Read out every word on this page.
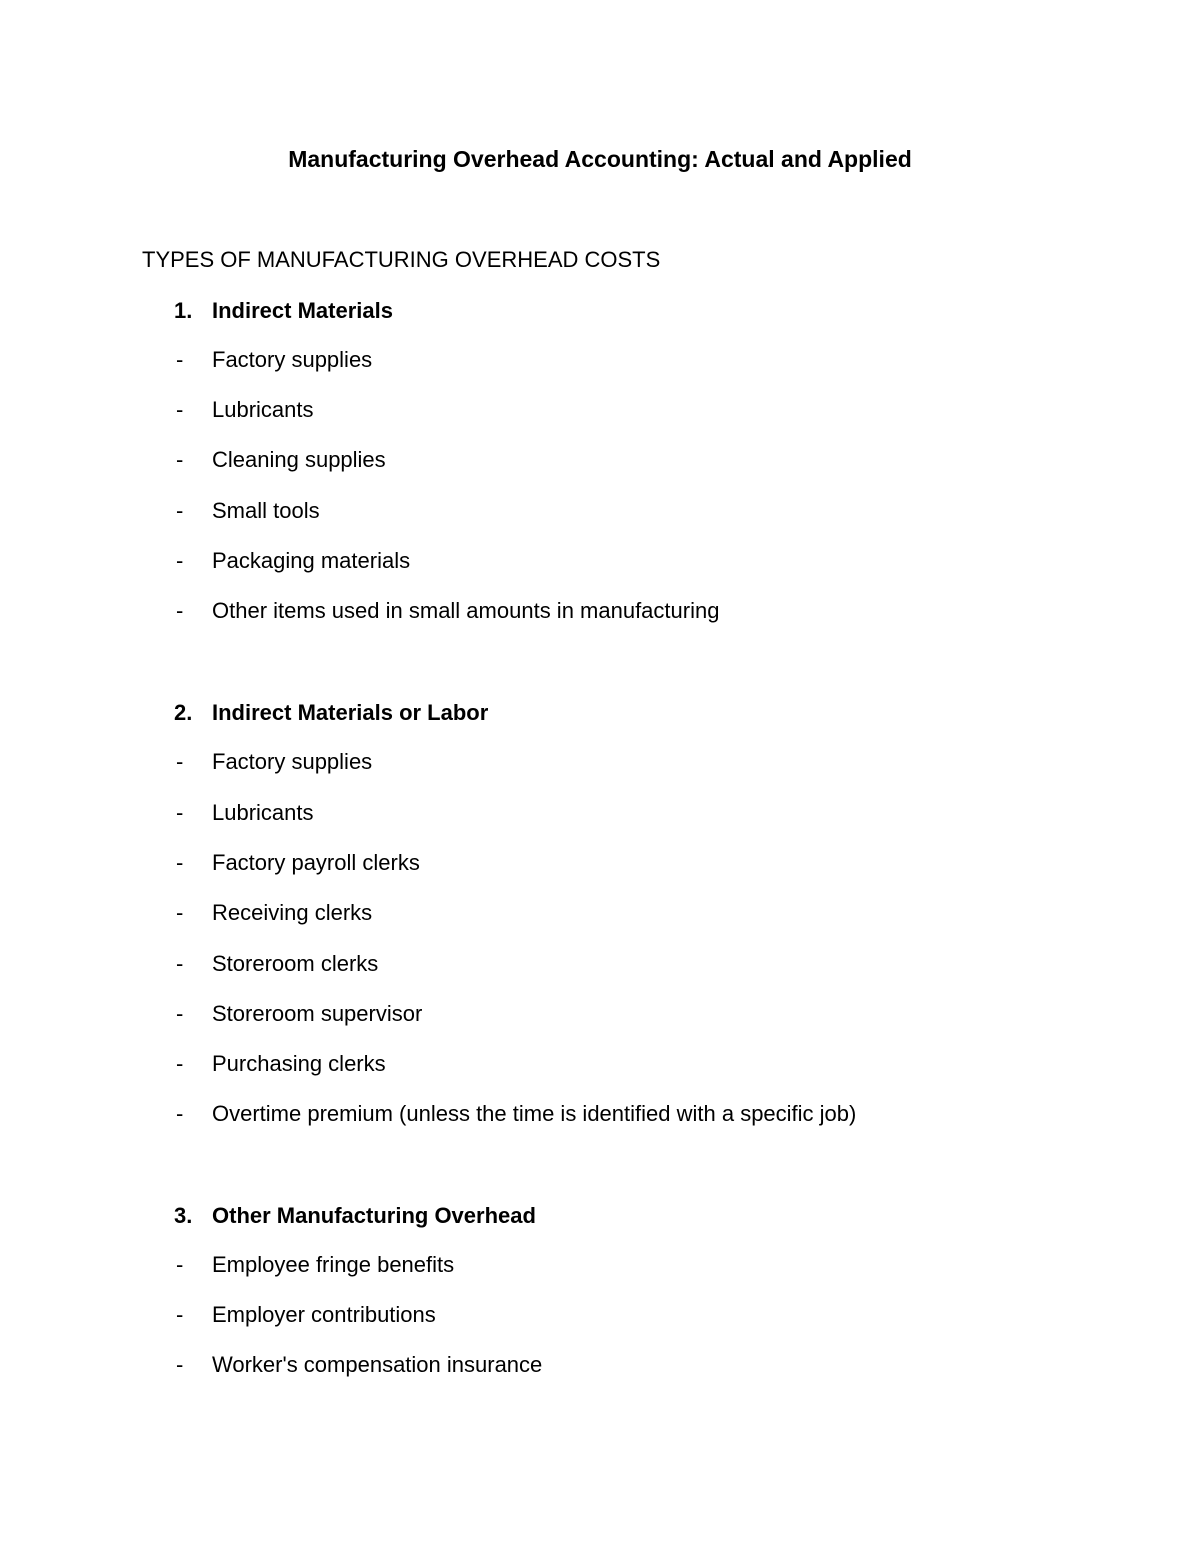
Manufacturing Overhead Accounting: Actual and Applied
TYPES OF MANUFACTURING OVERHEAD COSTS
1. Indirect Materials
- Factory supplies
- Lubricants
- Cleaning supplies
- Small tools
- Packaging materials
- Other items used in small amounts in manufacturing
2. Indirect Materials or Labor
- Factory supplies
- Lubricants
- Factory payroll clerks
- Receiving clerks
- Storeroom clerks
- Storeroom supervisor
- Purchasing clerks
- Overtime premium (unless the time is identified with a specific job)
3. Other Manufacturing Overhead
- Employee fringe benefits
- Employer contributions
- Worker's compensation insurance
